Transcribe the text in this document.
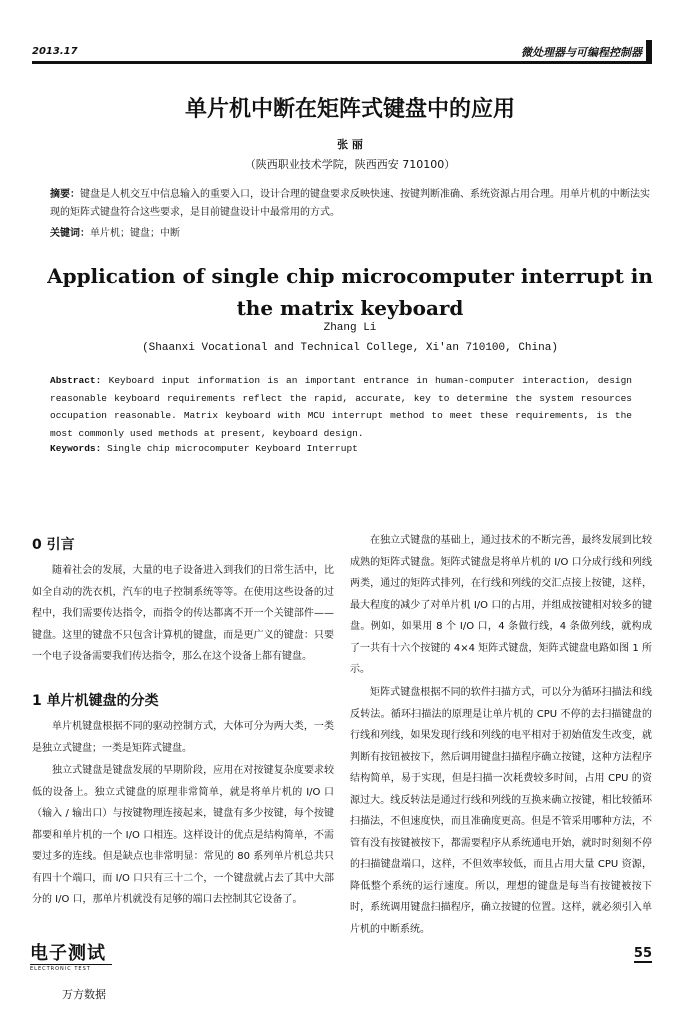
2013.17	微处理器与可编程控制器
单片机中断在矩阵式键盘中的应用
张 丽
（陕西职业技术学院，陕西西安 710100）
摘要：键盘是人机交互中信息输入的重要入口，设计合理的键盘要求反映快速、按键判断准确、系统资源占用合理。用单片机的中断法实现的矩阵式键盘符合这些要求，是目前键盘设计中最常用的方式。
关键词：单片机；键盘；中断
Application of single chip microcomputer interrupt in the matrix keyboard
Zhang Li
(Shaanxi Vocational and Technical College, Xi'an 710100, China)
Abstract: Keyboard input information is an important entrance in human-computer interaction, design reasonable keyboard requirements reflect the rapid, accurate, key to determine the system resources occupation reasonable. Matrix keyboard with MCU interrupt method to meet these requirements, is the most commonly used methods at present, keyboard design.
Keywords: Single chip microcomputer Keyboard Interrupt
0 引言
随着社会的发展，大量的电子设备进入到我们的日常生活中，比如全自动的洗衣机，汽车的电子控制系统等等。在使用这些设备的过程中，我们需要传达指令，而指令的传达都离不开一个关键部件——键盘。这里的键盘不只包含计算机的键盘，而是更广义的键盘：只要一个电子设备需要我们传达指令，那么在这个设备上都有键盘。
1 单片机键盘的分类
单片机键盘根据不同的驱动控制方式，大体可分为两大类，一类是独立式键盘；一类是矩阵式键盘。
独立式键盘是键盘发展的早期阶段，应用在对按键复杂度要求较低的设备上。独立式键盘的原理非常简单，就是将单片机的 I/O 口（输入 / 输出口）与按键物理连接起来，键盘有多少按键，每个按键都要和单片机的一个 I/O 口相连。这样设计的优点是结构简单，不需要过多的连线。但是缺点也非常明显：常见的 80 系列单片机总共只有四十个端口，而 I/O 口只有三十二个，一个键盘就占去了其中大部分的 I/O 口，那单片机就没有足够的端口去控制其它设备了。
在独立式键盘的基础上，通过技术的不断完善，最终发展到比较成熟的矩阵式键盘。矩阵式键盘是将单片机的 I/O 口分成行线和列线两类，通过的矩阵式排列，在行线和列线的交汇点接上按键，这样，最大程度的减少了对单片机 I/O 口的占用，并组成按键相对较多的键盘。例如，如果用 8 个 I/O 口，4 条做行线，4 条做列线，就构成了一共有十六个按键的 4×4 矩阵式键盘，矩阵式键盘电路如图 1 所示。
矩阵式键盘根据不同的软件扫描方式，可以分为循环扫描法和线反转法。循环扫描法的原理是让单片机的 CPU 不停的去扫描键盘的行线和列线，如果发现行线和列线的电平相对于初始值发生改变，就判断有按钮被按下，然后调用键盘扫描程序确立按键，这种方法程序结构简单，易于实现，但是扫描一次耗费较多时间，占用 CPU 的资源过大。线反转法是通过行线和列线的互换来确立按键，相比较循环扫描法，不但速度快，而且准确度更高。但是不管采用哪种方法，不管有没有按键被按下，都需要程序从系统通电开始，就时时刻刻不停的扫描键盘端口，这样，不但效率较低，而且占用大量 CPU 资源，降低整个系统的运行速度。所以，理想的键盘是每当有按键被按下时，系统调用键盘扫描程序，确立按键的位置。这样，就必须引入单片机的中断系统。
电子测试
ELECTRONIC TEST
万方数据
55
